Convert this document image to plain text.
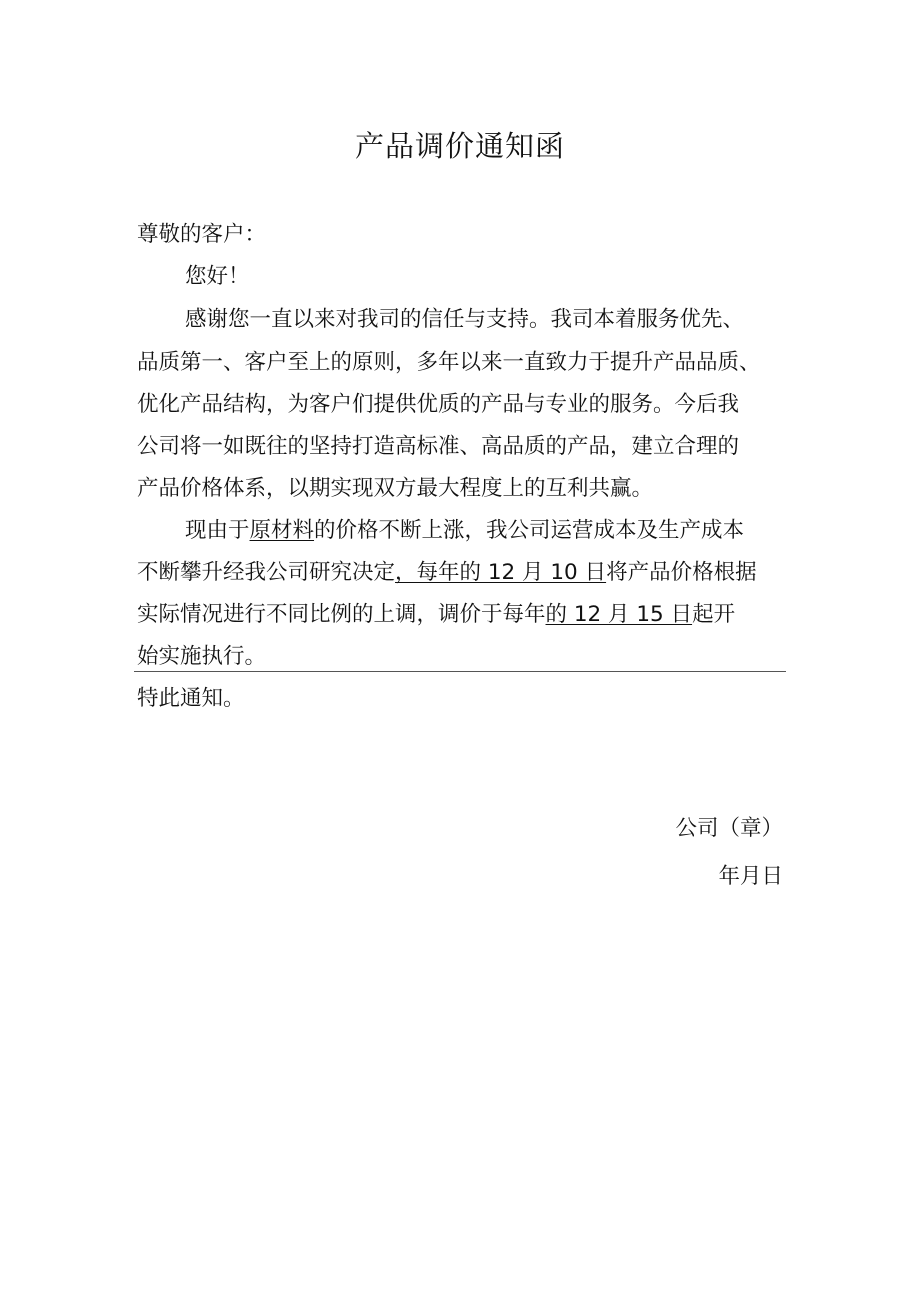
产品调价通知函
尊敬的客户：
您好！
感谢您一直以来对我司的信任与支持。我司本着服务优先、
品质第一、客户至上的原则，多年以来一直致力于提升产品品质、
优化产品结构，为客户们提供优质的产品与专业的服务。今后我
公司将一如既往的坚持打造高标准、高品质的产品，建立合理的
产品价格体系，以期实现双方最大程度上的互利共赢。
现由于原材料的价格不断上涨，我公司运营成本及生产成本
不断攀升经我公司研究决定，每年的 12 月 10 日将产品价格根据
实际情况进行不同比例的上调，调价于每年的 12 月 15 日起开
始实施执行。
特此通知。
公司（章）
年月日
